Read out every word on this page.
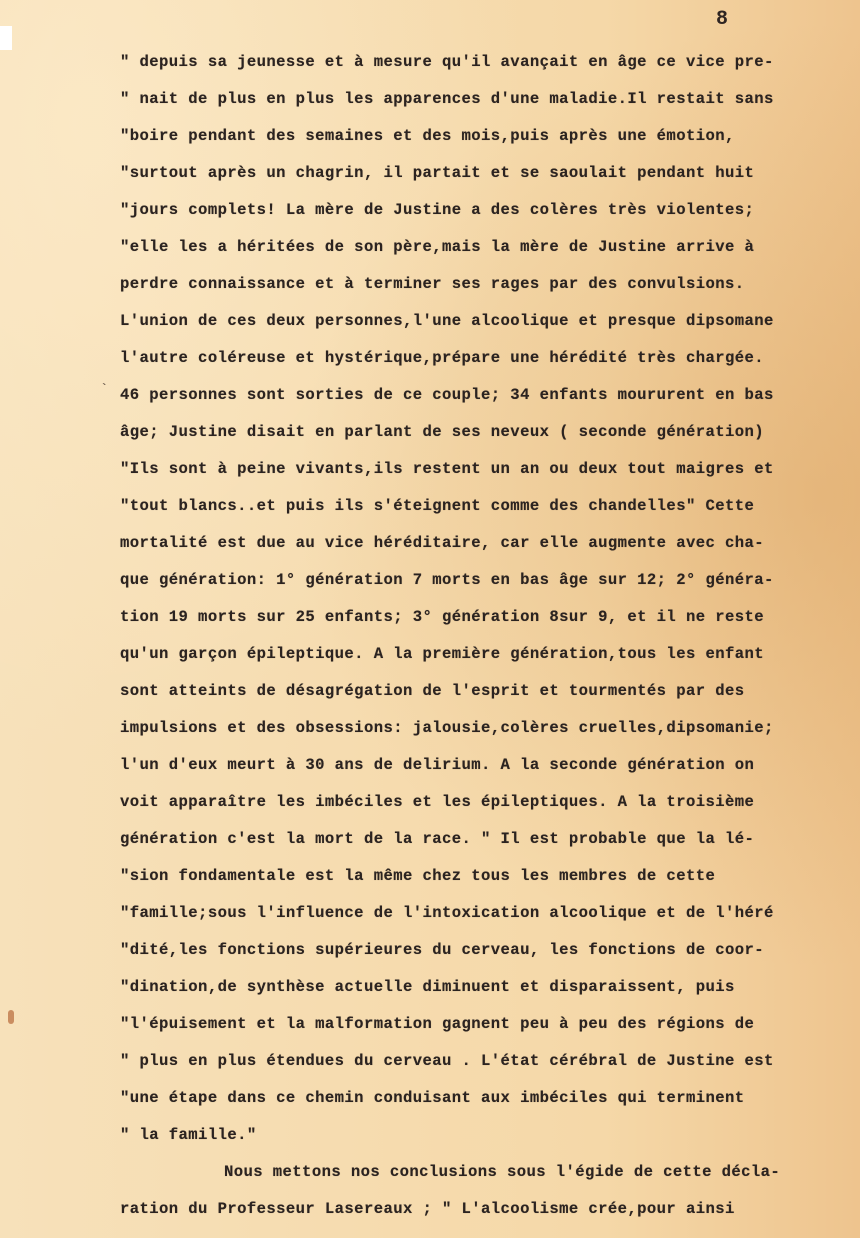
8
`
" depuis sa jeunesse et à mesure qu'il avançait en âge ce vice pre-
" nait de plus en plus les apparences d'une maladie.Il restait sans
"boire pendant des semaines et des mois,puis après une émotion,
"surtout après un chagrin, il partait et se saoulait pendant huit
"jours complets! La mère de Justine a des colères très violentes;
"elle les a héritées de son père,mais la mère de Justine arrive à
perdre connaissance et à terminer ses rages par des convulsions.
L'union de ces deux personnes,l'une alcoolique et presque dipsomane
l'autre coléreuse et hystérique,prépare une hérédité très chargée.
46 personnes sont sorties de ce couple; 34 enfants moururent en bas
âge; Justine disait en parlant de ses neveux ( seconde génération)
"Ils sont à peine vivants,ils restent un an ou deux tout maigres et
"tout blancs..et puis ils s'éteignent comme des chandelles" Cette
mortalité est due au vice héréditaire, car elle augmente avec cha-
que génération: 1° génération 7 morts en bas âge sur 12; 2° généra-
tion 19 morts sur 25 enfants; 3° génération 8sur 9, et il ne reste
qu'un garçon épileptique. A la première génération,tous les enfant
sont atteints de désagrégation de l'esprit et tourmentés par des
impulsions et des obsessions: jalousie,colères cruelles,dipsomanie;
l'un d'eux meurt à 30 ans de delirium. A la seconde génération on
voit apparaître les imbéciles et les épileptiques. A la troisième
génération c'est la mort de la race. " Il est probable que la lé-
"sion fondamentale est la même chez tous les membres de cette
"famille;sous l'influence de l'intoxication alcoolique et de l'héré
"dité,les fonctions supérieures du cerveau, les fonctions de coor-
"dination,de synthèse actuelle diminuent et disparaissent, puis
"l'épuisement et la malformation gagnent peu à peu des régions de
" plus en plus étendues du cerveau . L'état cérébral de Justine est
"une étape dans ce chemin conduisant aux imbéciles qui terminent
" la famille."
Nous mettons nos conclusions sous l'égide de cette décla-
ration du Professeur Lasereaux ; " L'alcoolisme crée,pour ainsi
